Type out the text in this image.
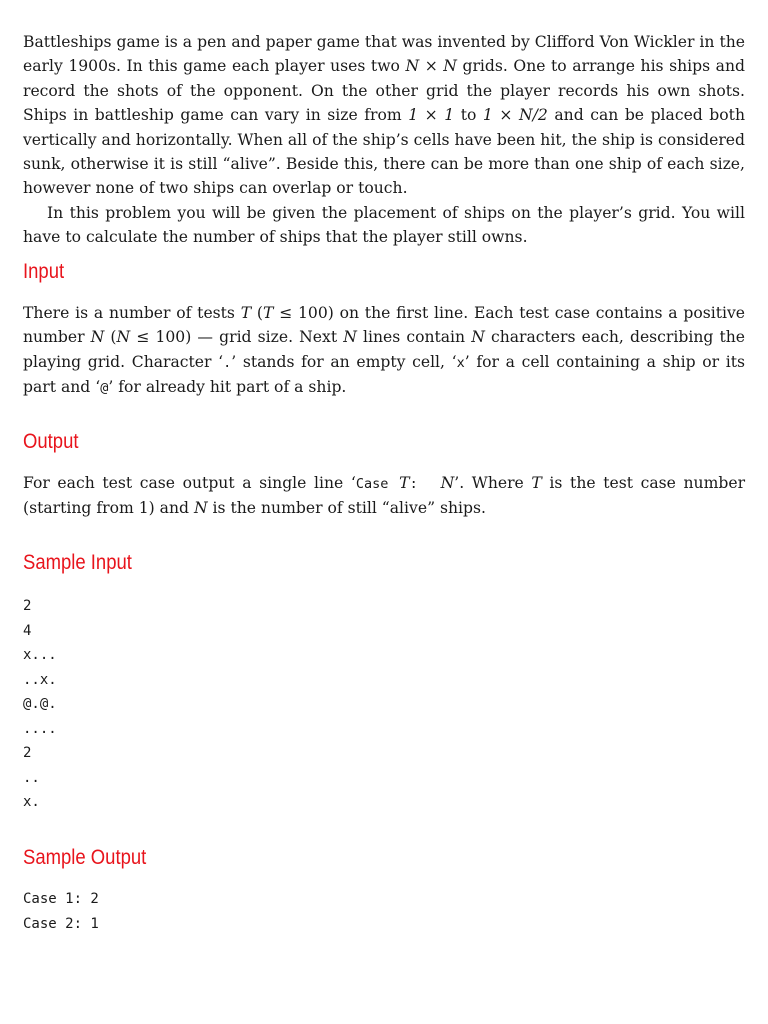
Battleships game is a pen and paper game that was invented by Clifford Von Wickler in the early 1900s. In this game each player uses two N × N grids. One to arrange his ships and record the shots of the opponent. On the other grid the player records his own shots. Ships in battleship game can vary in size from 1 × 1 to 1 × N/2 and can be placed both vertically and horizontally. When all of the ship’s cells have been hit, the ship is considered sunk, otherwise it is still “alive”. Beside this, there can be more than one ship of each size, however none of two ships can overlap or touch.

In this problem you will be given the placement of ships on the player’s grid. You will have to calculate the number of ships that the player still owns.

Input

There is a number of tests T (T ≤ 100) on the first line. Each test case contains a positive number N (N ≤ 100) — grid size. Next N lines contain N characters each, describing the playing grid. Character ‘.’ stands for an empty cell, ‘x’ for a cell containing a ship or its part and ‘@’ for already hit part of a ship.

Output

For each test case output a single line ‘Case T: N’. Where T is the test case number (starting from 1) and N is the number of still “alive” ships.

Sample Input
2
4
x...
..x.
@.@.
....
2
..
x.
Sample Output
Case 1: 2
Case 2: 1
